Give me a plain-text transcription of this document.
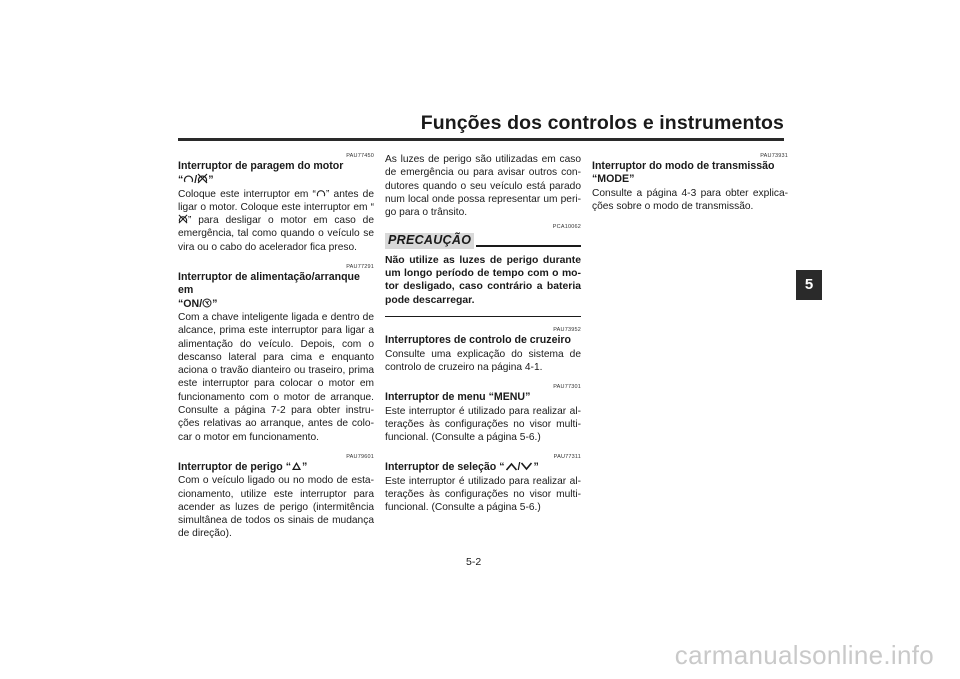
Funções dos controlos e instrumentos
5

PAU77450

Interruptor de paragem do motor
“ / ”

Coloque este interruptor em “ ” antes de ligar o motor. Coloque este interruptor em “” para desligar o motor em caso de emergência, tal como quando o veículo se vira ou o cabo do acelerador fica preso.

PAU77291

Interruptor de alimentação/arranque em
“ON/ ”

Com a chave inteligente ligada e dentro de alcance, prima este interruptor para ligar a alimentação do veículo. Depois, com o descanso lateral para cima e enquanto aciona o travão dianteiro ou traseiro, prima este interruptor para colocar o motor em funcionamento com o motor de arranque. Consulte a página 7-2 para obter instru-ções relativas ao arranque, antes de colo-car o motor em funcionamento.

PAU79601

Interruptor de perigo “ ”

Com o veículo ligado ou no modo de esta-cionamento, utilize este interruptor para acender as luzes de perigo (intermitência simultânea de todos os sinais de mudança de direção).

As luzes de perigo são utilizadas em caso de emergência ou para avisar outros con-dutores quando o seu veículo está parado num local onde possa representar um peri-go para o trânsito.

PCA10062

PRECAUÇÃO

Não utilize as luzes de perigo durante um longo período de tempo com o mo-tor desligado, caso contrário a bateria pode descarregar.

PAU73952

Interruptores de controlo de cruzeiro

Consulte uma explicação do sistema de controlo de cruzeiro na página 4-1.

PAU77301

Interruptor de menu “MENU”

Este interruptor é utilizado para realizar al-terações às configurações no visor multi-funcional. (Consulte a página 5-6.)

PAU77311

Interruptor de seleção “ / ”

Este interruptor é utilizado para realizar al-terações às configurações no visor multi-funcional. (Consulte a página 5-6.)

PAU73931

Interruptor do modo de transmissão
“MODE”

Consulte a página 4-3 para obter explica-ções sobre o modo de transmissão.

5-2
carmanualsonline.info
